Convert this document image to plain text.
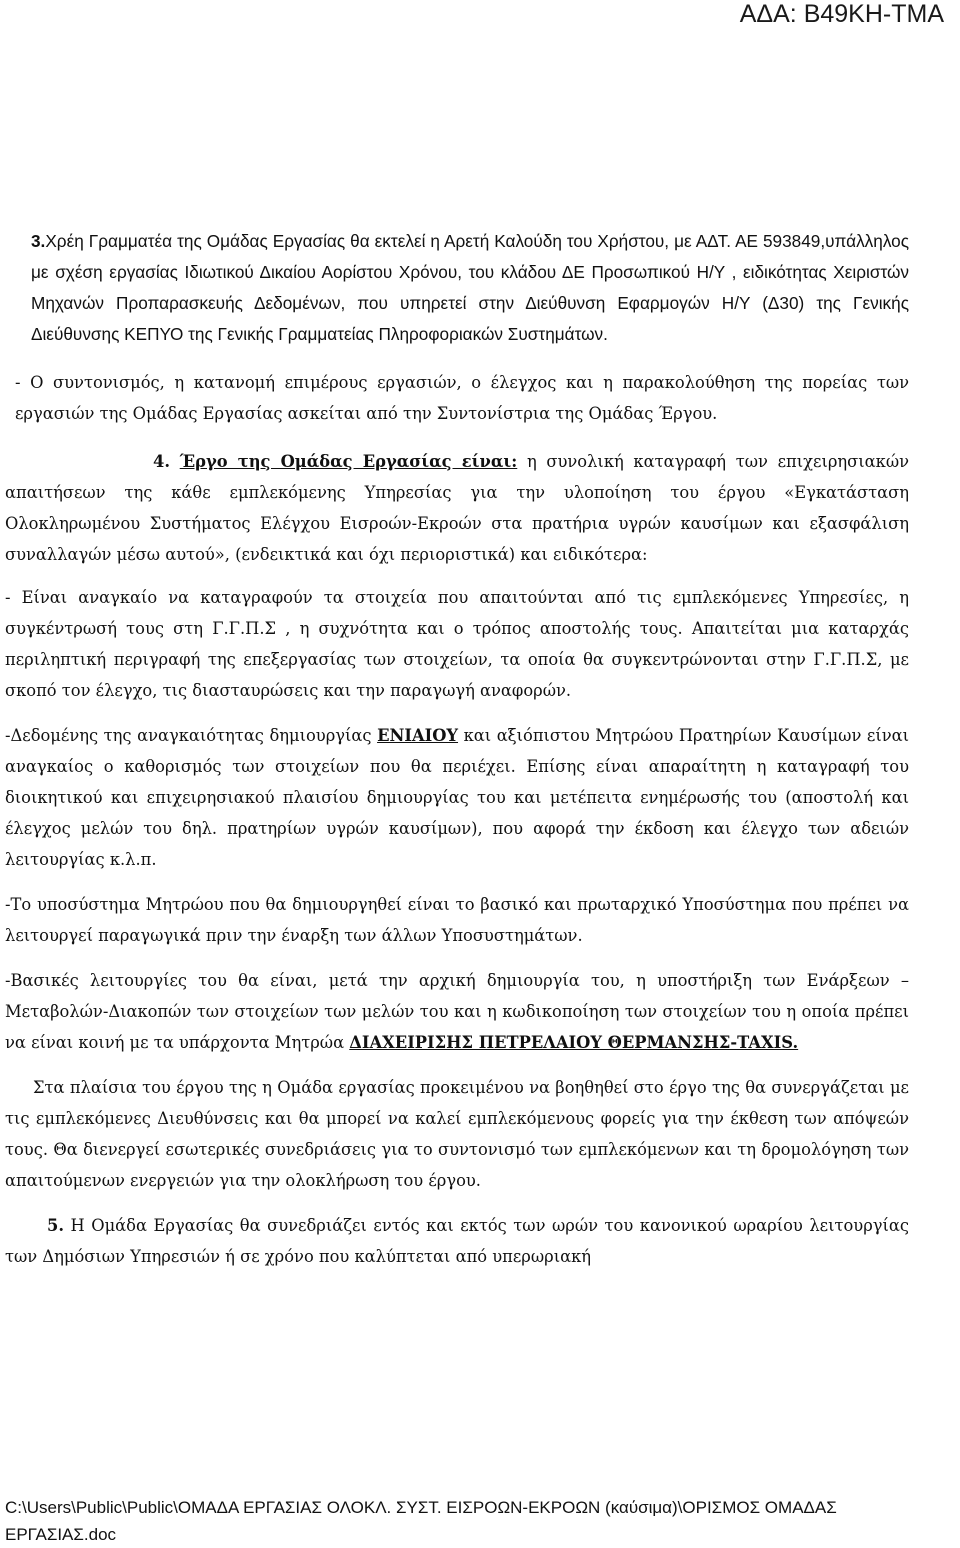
ΑΔΑ: Β49ΚΗ-ΤΜΑ

3.Χρέη Γραμματέα της Ομάδας Εργασίας θα εκτελεί η Αρετή Καλούδη του Χρήστου, με ΑΔΤ. ΑΕ 593849,υπάλληλος με σχέση εργασίας Ιδιωτικού Δικαίου Αορίστου Χρόνου, του κλάδου ΔΕ Προσωπικού Η/Υ , ειδικότητας Χειριστών Μηχανών Προπαρασκευής Δεδομένων, που υπηρετεί στην Διεύθυνση Εφαρμογών Η/Υ (Δ30) της Γενικής Διεύθυνσης ΚΕΠΥΟ της Γενικής Γραμματείας Πληροφοριακών Συστημάτων.

- Ο συντονισμός, η κατανομή επιμέρους εργασιών, ο έλεγχος και η παρακολούθηση της πορείας των εργασιών της Ομάδας Εργασίας ασκείται από την Συντονίστρια της Ομάδας Έργου.

4. Έργο της Ομάδας Εργασίας είναι: η συνολική καταγραφή των επιχειρησιακών απαιτήσεων της κάθε εμπλεκόμενης Υπηρεσίας για την υλοποίηση του έργου «Εγκατάσταση Ολοκληρωμένου Συστήματος Ελέγχου Εισροών-Εκροών στα πρατήρια υγρών καυσίμων και εξασφάλιση συναλλαγών μέσω αυτού», (ενδεικτικά και όχι περιοριστικά) και ειδικότερα:

- Είναι αναγκαίο να καταγραφούν τα στοιχεία που απαιτούνται από τις εμπλεκόμενες Υπηρεσίες, η συγκέντρωσή τους στη Γ.Γ.Π.Σ , η συχνότητα και ο τρόπος αποστολής τους. Απαιτείται μια καταρχάς περιληπτική περιγραφή της επεξεργασίας των στοιχείων, τα οποία θα συγκεντρώνονται στην Γ.Γ.Π.Σ, με σκοπό τον έλεγχο, τις διασταυρώσεις και την παραγωγή αναφορών.

-Δεδομένης της αναγκαιότητας δημιουργίας ΕΝΙΑΙΟΥ και αξιόπιστου Μητρώου Πρατηρίων Καυσίμων είναι αναγκαίος ο καθορισμός των στοιχείων που θα περιέχει. Επίσης είναι απαραίτητη η καταγραφή του διοικητικού και επιχειρησιακού πλαισίου δημιουργίας του και μετέπειτα ενημέρωσής του (αποστολή και έλεγχος μελών του δηλ. πρατηρίων υγρών καυσίμων), που αφορά την έκδοση και έλεγχο των αδειών λειτουργίας κ.λ.π.

-Το υποσύστημα Μητρώου που θα δημιουργηθεί είναι το βασικό και πρωταρχικό Υποσύστημα που πρέπει να λειτουργεί παραγωγικά πριν την έναρξη των άλλων Υποσυστημάτων.

-Βασικές λειτουργίες του θα είναι, μετά την αρχική δημιουργία του, η υποστήριξη των Ενάρξεων – Μεταβολών-Διακοπών των στοιχείων των μελών του και η κωδικοποίηση των στοιχείων του η οποία πρέπει να είναι κοινή με τα υπάρχοντα Μητρώα ΔΙΑΧΕΙΡΙΣΗΣ ΠΕΤΡΕΛΑΙΟΥ ΘΕΡΜΑΝΣΗΣ-TAXIS.

Στα πλαίσια του έργου της η Ομάδα εργασίας προκειμένου να βοηθηθεί στο έργο της θα συνεργάζεται με τις εμπλεκόμενες Διευθύνσεις και θα μπορεί να καλεί εμπλεκόμενους φορείς για την έκθεση των απόψεών τους. Θα διενεργεί εσωτερικές συνεδριάσεις για το συντονισμό των εμπλεκόμενων και τη δρομολόγηση των απαιτούμενων ενεργειών για την ολοκλήρωση του έργου.

5. Η Ομάδα Εργασίας θα συνεδριάζει εντός και εκτός των ωρών του κανονικού ωραρίου λειτουργίας των Δημόσιων Υπηρεσιών ή σε χρόνο που καλύπτεται από υπερωριακή

C:\Users\Public\Public\ΟΜΑΔΑ ΕΡΓΑΣΙΑΣ ΟΛΟΚΛ. ΣΥΣΤ. ΕΙΣΡΟΩΝ-ΕΚΡΟΩΝ (καύσιμα)\ΟΡΙΣΜΟΣ ΟΜΑΔΑΣ ΕΡΓΑΣΙΑΣ.doc
